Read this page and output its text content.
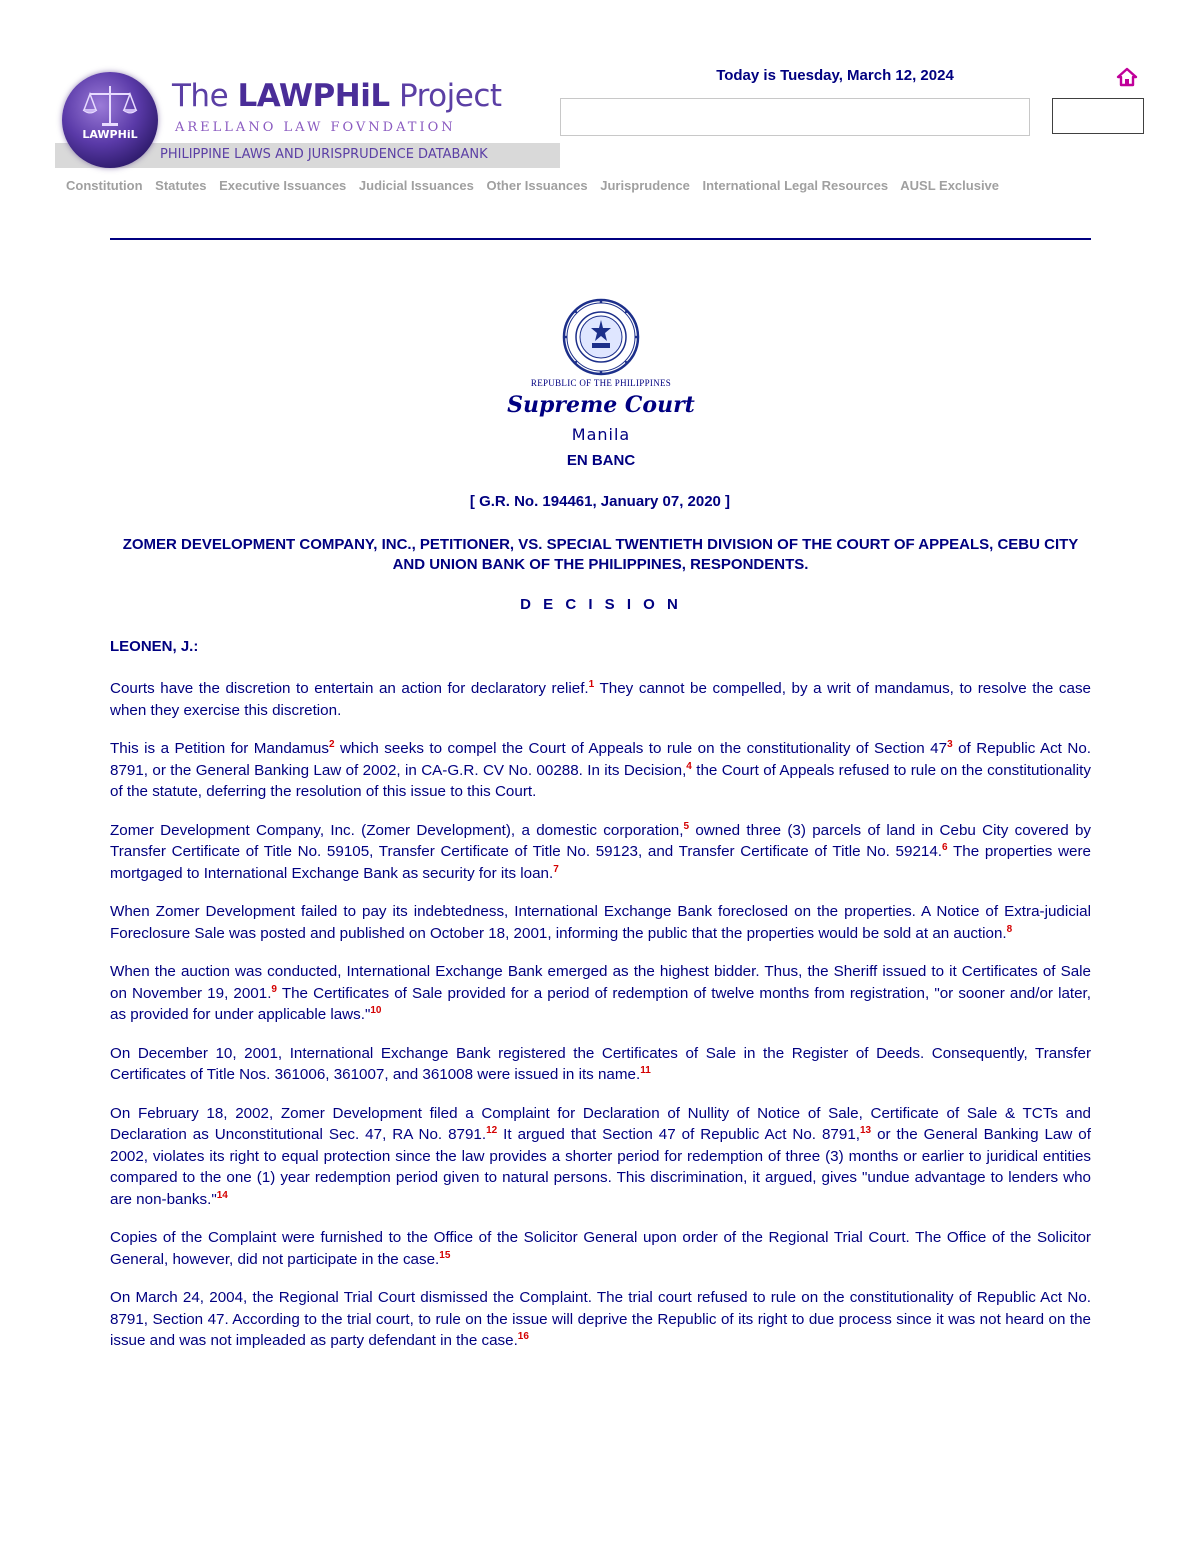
LAWPHiL
The LAWPHiL Project
ARELLANO LAW FOVNDATION
PHILIPPINE LAWS AND JURISPRUDENCE DATABANK
Today is Tuesday, March 12, 2024
Constitution Statutes Executive Issuances Judicial Issuances Other Issuances Jurisprudence International Legal Resources AUSL Exclusive
REPUBLIC OF THE PHILIPPINES
Supreme Court
Manila
EN BANC
[ G.R. No. 194461, January 07, 2020 ]
ZOMER DEVELOPMENT COMPANY, INC., PETITIONER, VS. SPECIAL TWENTIETH DIVISION OF THE COURT OF APPEALS, CEBU CITY AND UNION BANK OF THE PHILIPPINES, RESPONDENTS.
D E C I S I O N
LEONEN, J.:

Courts have the discretion to entertain an action for declaratory relief.$^1$ They cannot be compelled, by a writ of mandamus, to resolve the case when they exercise this discretion.

This is a Petition for Mandamus$^2$ which seeks to compel the Court of Appeals to rule on the constitutionality of Section $47^3$ of Republic Act No. 8791, or the General Banking Law of 2002, in CA-G.R. CV No. 00288. In its Decision,$^4$ the Court of Appeals refused to rule on the constitutionality of the statute, deferring the resolution of this issue to this Court.

Zomer Development Company, Inc. (Zomer Development), a domestic corporation,$^5$ owned three (3) parcels of land in Cebu City covered by Transfer Certificate of Title No. 59105, Transfer Certificate of Title No. 59123, and Transfer Certificate of Title No. 59214.$^6$ The properties were mortgaged to International Exchange Bank as security for its loan.$^7$

When Zomer Development failed to pay its indebtedness, International Exchange Bank foreclosed on the properties. A Notice of Extra-judicial Foreclosure Sale was posted and published on October 18, 2001, informing the public that the properties would be sold at an auction.$^8$

When the auction was conducted, International Exchange Bank emerged as the highest bidder. Thus, the Sheriff issued to it Certificates of Sale on November 19, 2001.$^9$ The Certificates of Sale provided for a period of redemption of twelve months from registration, "or sooner and/or later, as provided for under applicable laws."$^{10}$

On December 10, 2001, International Exchange Bank registered the Certificates of Sale in the Register of Deeds. Consequently, Transfer Certificates of Title Nos. 361006, 361007, and 361008 were issued in its name.$^{11}$

On February 18, 2002, Zomer Development filed a Complaint for Declaration of Nullity of Notice of Sale, Certificate of Sale & TCTs and Declaration as Unconstitutional Sec. 47, RA No. 8791.12 It argued that Section 47 of Republic Act No. 8791,13 or the General Banking Law of 2002, violates its right to equal protection since the law provides a shorter period for redemption of three (3) months or earlier to juridical entities compared to the one (1) year redemption period given to natural persons. This discrimination, it argued, gives "undue advantage to lenders who are non-banks."$^{14}$

Copies of the Complaint were furnished to the Office of the Solicitor General upon order of the Regional Trial Court. The Office of the Solicitor General, however, did not participate in the case.$^{15}$

On March 24, 2004, the Regional Trial Court dismissed the Complaint. The trial court refused to rule on the constitutionality of Republic Act No. 8791, Section 47. According to the trial court, to rule on the issue will deprive the Republic of its right to due process since it was not heard on the issue and was not impleaded as party defendant in the case.$^{16}$
